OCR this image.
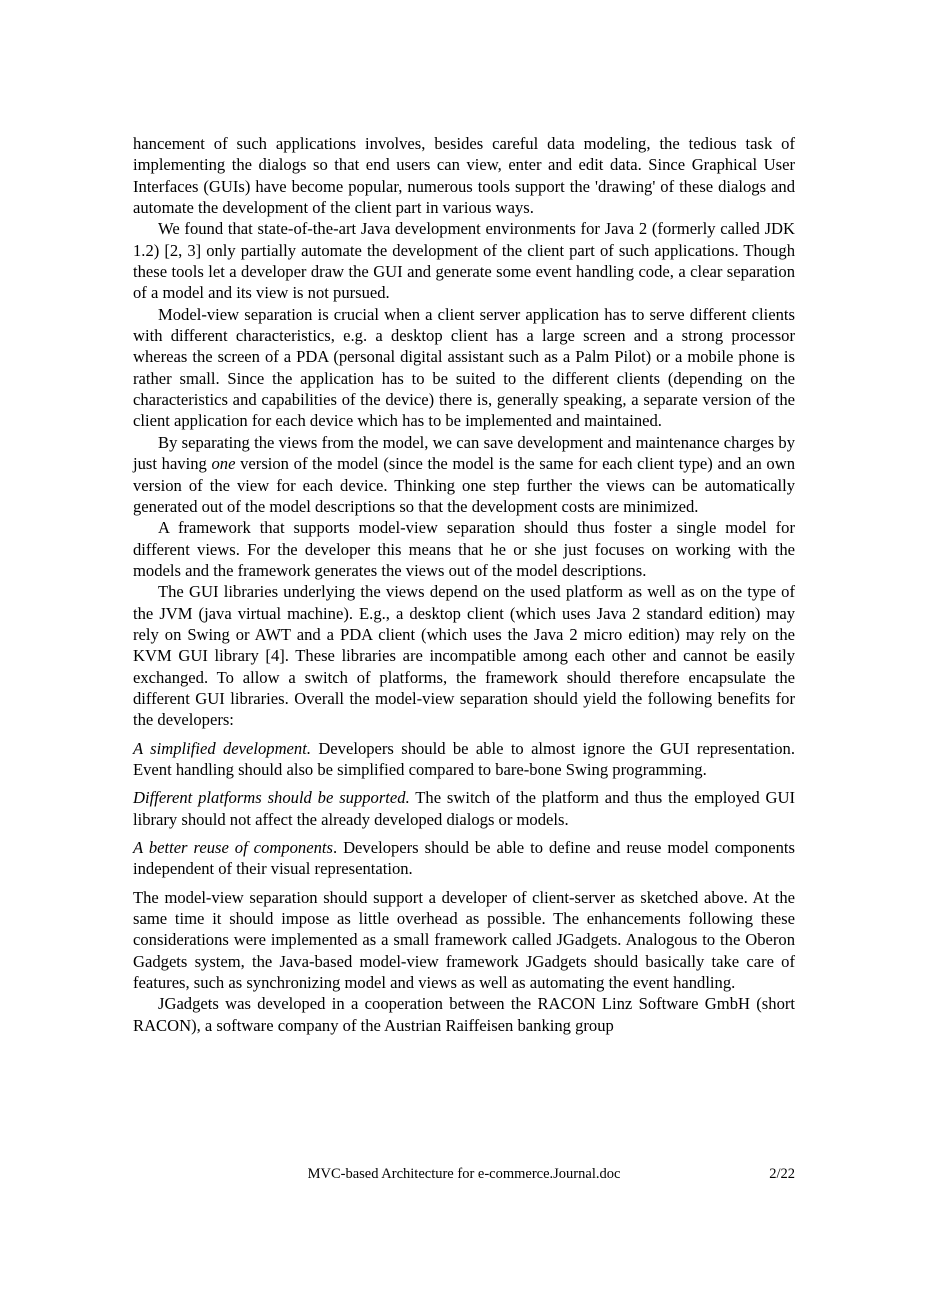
hancement of such applications involves, besides careful data modeling, the tedious task of implementing the dialogs so that end users can view, enter and edit data. Since Graphical User Interfaces (GUIs) have become popular, numerous tools support the 'drawing' of these dialogs and automate the development of the client part in various ways.

We found that state-of-the-art Java development environments for Java 2 (formerly called JDK 1.2) [2, 3] only partially automate the development of the client part of such applications. Though these tools let a developer draw the GUI and generate some event handling code, a clear separation of a model and its view is not pursued.

Model-view separation is crucial when a client server application has to serve different clients with different characteristics, e.g. a desktop client has a large screen and a strong processor whereas the screen of a PDA (personal digital assistant such as a Palm Pilot) or a mobile phone is rather small. Since the application has to be suited to the different clients (depending on the characteristics and capabilities of the device) there is, generally speaking, a separate version of the client application for each device which has to be implemented and maintained.

By separating the views from the model, we can save development and maintenance charges by just having one version of the model (since the model is the same for each client type) and an own version of the view for each device. Thinking one step further the views can be automatically generated out of the model descriptions so that the development costs are minimized.

A framework that supports model-view separation should thus foster a single model for different views. For the developer this means that he or she just focuses on working with the models and the framework generates the views out of the model descriptions.

The GUI libraries underlying the views depend on the used platform as well as on the type of the JVM (java virtual machine). E.g., a desktop client (which uses Java 2 standard edition) may rely on Swing or AWT and a PDA client (which uses the Java 2 micro edition) may rely on the KVM GUI library [4]. These libraries are incompatible among each other and cannot be easily exchanged. To allow a switch of platforms, the framework should therefore encapsulate the different GUI libraries. Overall the model-view separation should yield the following benefits for the developers:

A simplified development. Developers should be able to almost ignore the GUI representation. Event handling should also be simplified compared to bare-bone Swing programming.

Different platforms should be supported. The switch of the platform and thus the employed GUI library should not affect the already developed dialogs or models.

A better reuse of components. Developers should be able to define and reuse model components independent of their visual representation.

The model-view separation should support a developer of client-server as sketched above. At the same time it should impose as little overhead as possible. The enhancements following these considerations were implemented as a small framework called JGadgets. Analogous to the Oberon Gadgets system, the Java-based model-view framework JGadgets should basically take care of features, such as synchronizing model and views as well as automating the event handling.

JGadgets was developed in a cooperation between the RACON Linz Software GmbH (short RACON), a software company of the Austrian Raiffeisen banking group

MVC-based Architecture for e-commerce.Journal.doc	2/22
